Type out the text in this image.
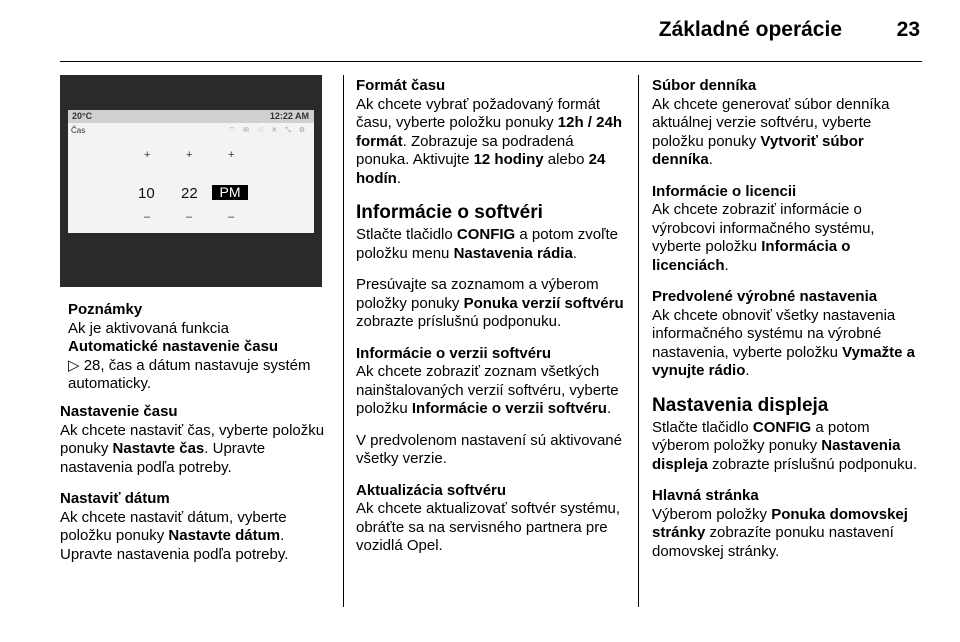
Základné operácie	23
20°C	12:22 AM
Čas	⌔ ✉ ◁ ✕ ⤡ ⚙
+	+	+
10 22	PM
–	–	–
Poznámky
Ak je aktivovaná funkcia
Automatické nastavenie času
▷ 28, čas a dátum nastavuje systém automaticky.

Nastavenie času
Ak chcete nastaviť čas, vyberte položku ponuky Nastavte čas. Upravte nastavenia podľa potreby.

Nastaviť dátum
Ak chcete nastaviť dátum, vyberte položku ponuky Nastavte dátum. Upravte nastavenia podľa potreby.

Formát času
Ak chcete vybrať požadovaný formát času, vyberte položku ponuky 12h / 24h formát. Zobrazuje sa podradená ponuka. Aktivujte 12 hodiny alebo 24 hodín.

Informácie o softvéri

Stlačte tlačidlo CONFIG a potom zvoľte položku menu Nastavenia rádia.

Presúvajte sa zoznamom a výberom položky ponuky Ponuka verzií softvéru zobrazte príslušnú podponuku.

Informácie o verzii softvéru
Ak chcete zobraziť zoznam všetkých nainštalovaných verzií softvéru, vyberte položku Informácie o verzii softvéru.

V predvolenom nastavení sú aktivované všetky verzie.

Aktualizácia softvéru
Ak chcete aktualizovať softvér systému, obráťte sa na servisného partnera pre vozidlá Opel.

Súbor denníka
Ak chcete generovať súbor denníka aktuálnej verzie softvéru, vyberte položku ponuky Vytvoriť súbor denníka.

Informácie o licencii
Ak chcete zobraziť informácie o výrobcovi informačného systému, vyberte položku Informácia o licenciách.

Predvolené výrobné nastavenia
Ak chcete obnoviť všetky nastavenia informačného systému na výrobné nastavenia, vyberte položku Vymažte a vynujte rádio.

Nastavenia displeja

Stlačte tlačidlo CONFIG a potom výberom položky ponuky Nastavenia displeja zobrazte príslušnú podponuku.

Hlavná stránka
Výberom položky Ponuka domovskej stránky zobrazíte ponuku nastavení domovskej stránky.
